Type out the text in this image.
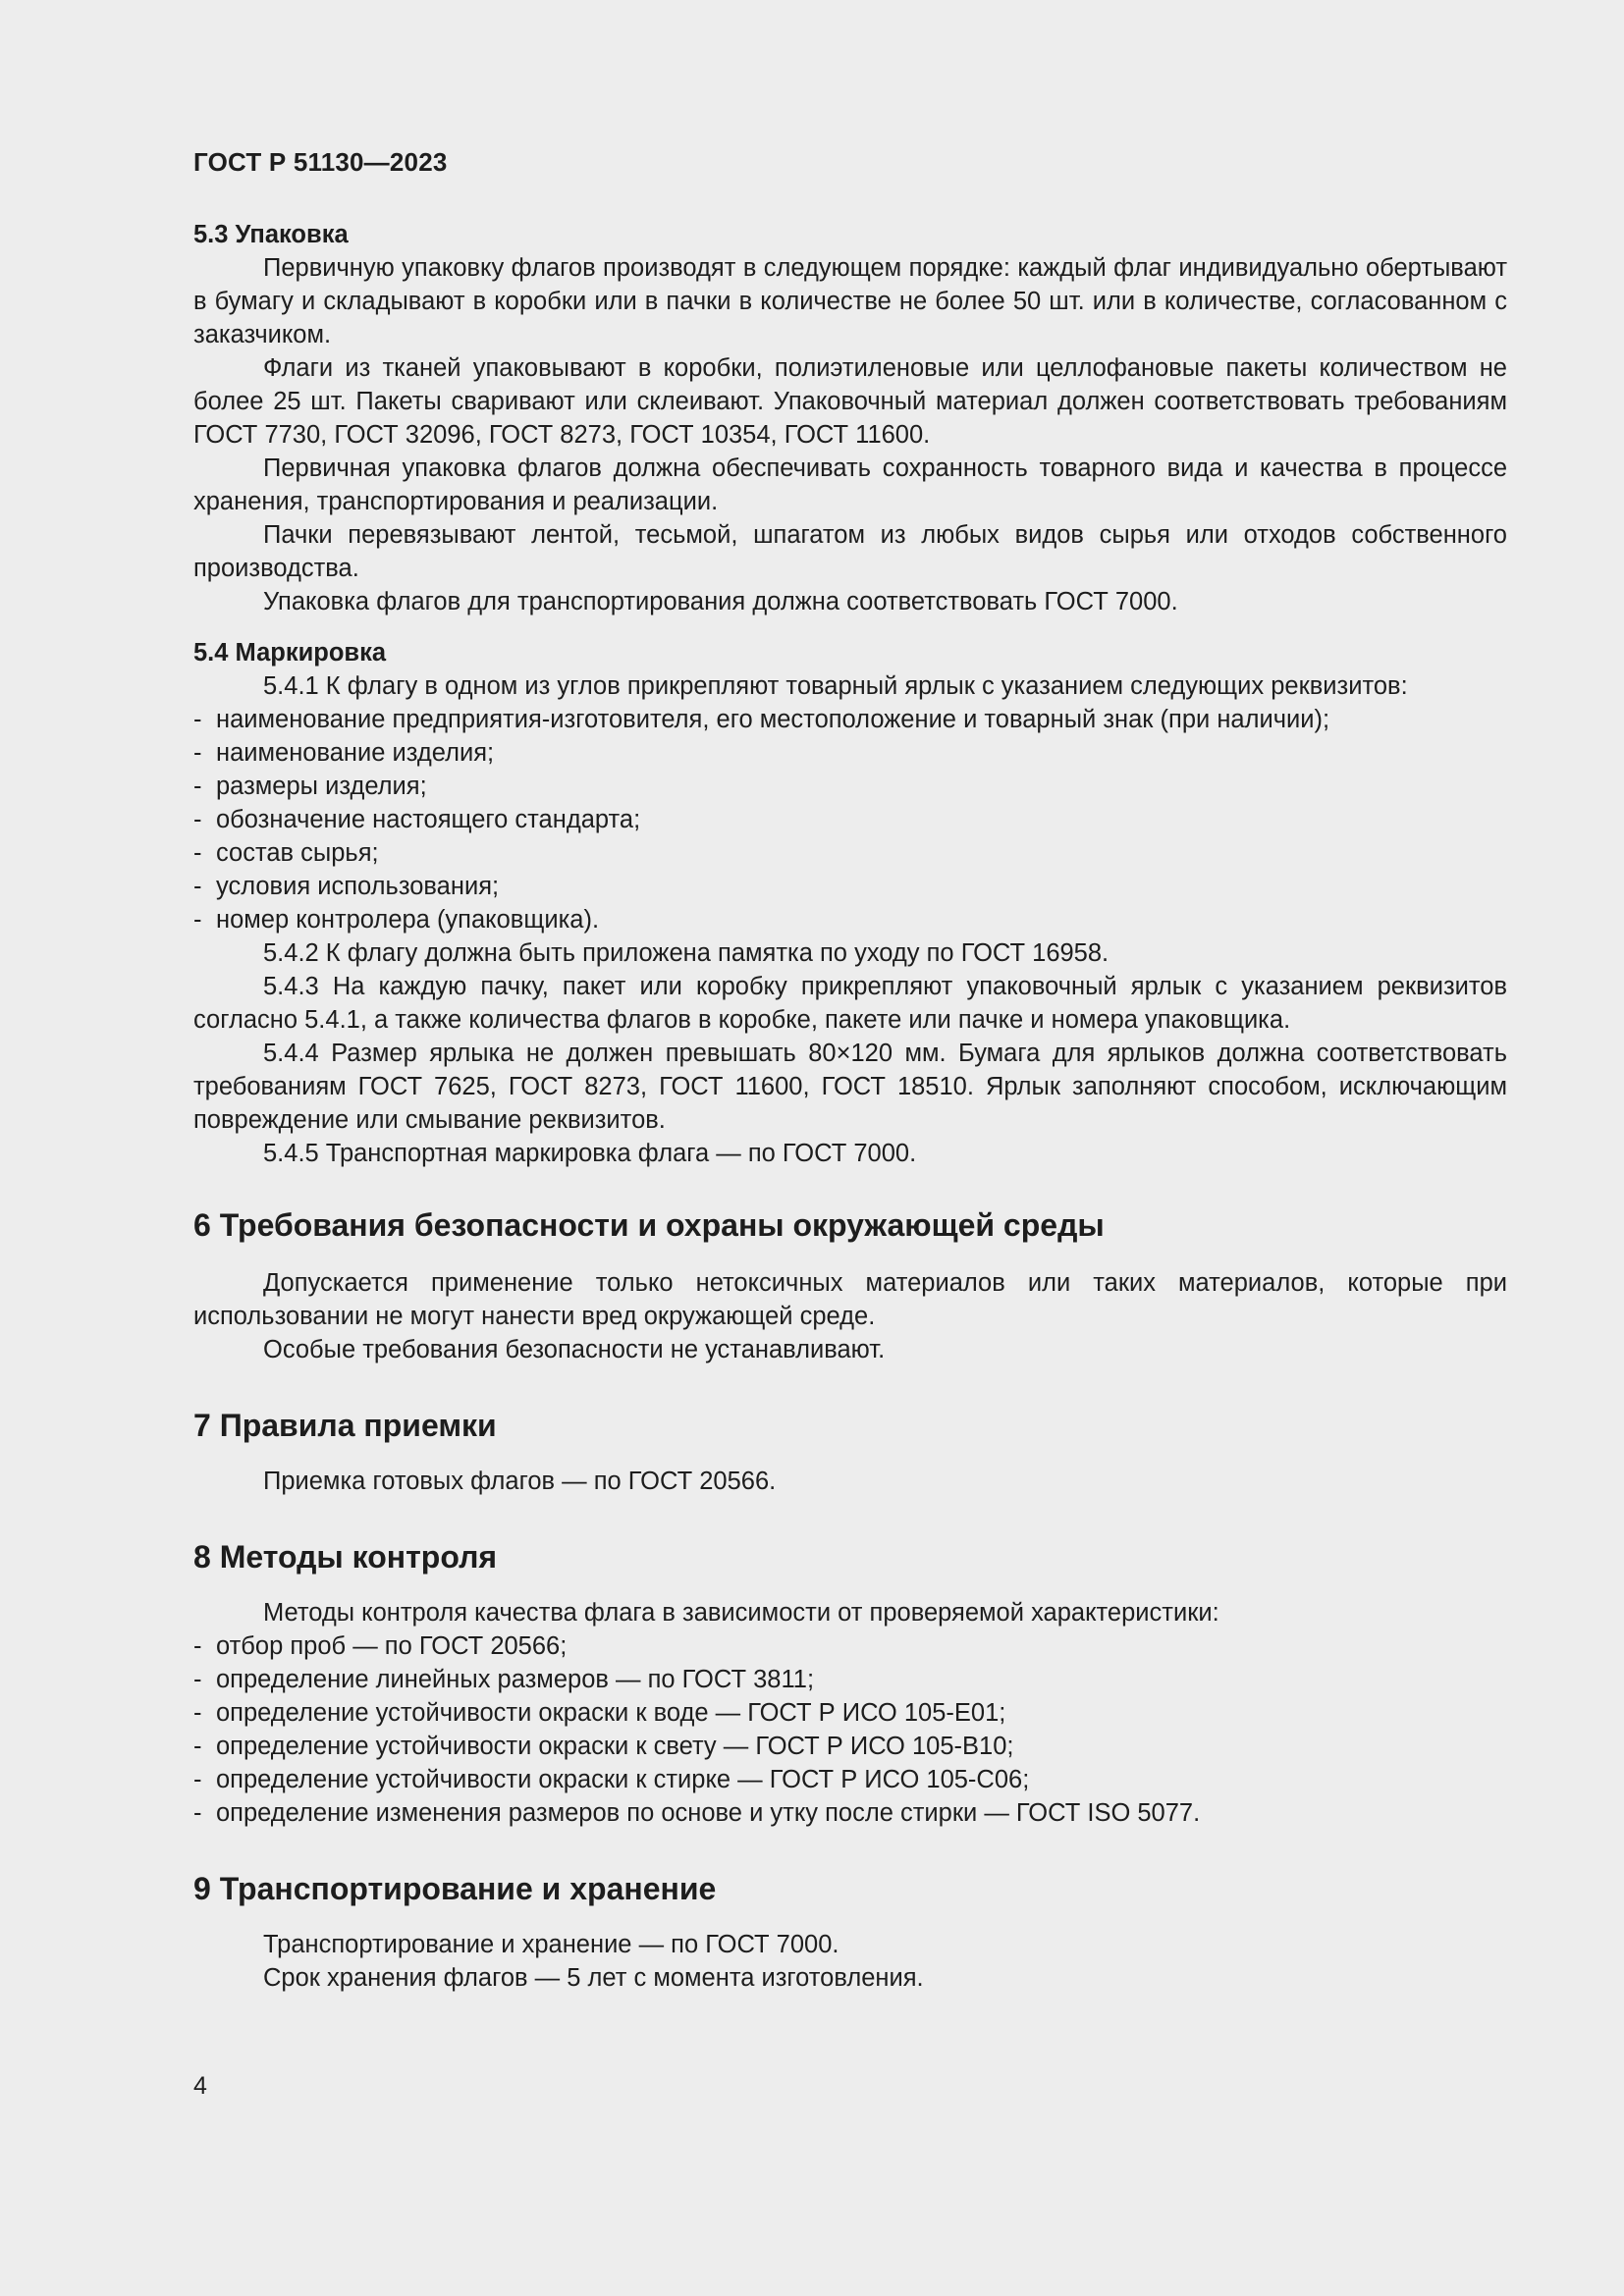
ГОСТ Р 51130—2023

5.3 Упаковка

Первичную упаковку флагов производят в следующем порядке: каждый флаг индивидуально обертывают в бумагу и складывают в коробки или в пачки в количестве не более 50 шт. или в количестве, согласованном с заказчиком.

Флаги из тканей упаковывают в коробки, полиэтиленовые или целлофановые пакеты количеством не более 25 шт. Пакеты сваривают или склеивают. Упаковочный материал должен соответствовать требованиям ГОСТ 7730, ГОСТ 32096, ГОСТ 8273, ГОСТ 10354, ГОСТ 11600.

Первичная упаковка флагов должна обеспечивать сохранность товарного вида и качества в процессе хранения, транспортирования и реализации.

Пачки перевязывают лентой, тесьмой, шпагатом из любых видов сырья или отходов собственного производства.

Упаковка флагов для транспортирования должна соответствовать ГОСТ 7000.

5.4 Маркировка

5.4.1 К флагу в одном из углов прикрепляют товарный ярлык с указанием следующих реквизитов:

- наименование предприятия-изготовителя, его местоположение и товарный знак (при наличии);

- наименование изделия;

- размеры изделия;

- обозначение настоящего стандарта;

- состав сырья;

- условия использования;

- номер контролера (упаковщика).

5.4.2 К флагу должна быть приложена памятка по уходу по ГОСТ 16958.

5.4.3 На каждую пачку, пакет или коробку прикрепляют упаковочный ярлык с указанием реквизитов согласно 5.4.1, а также количества флагов в коробке, пакете или пачке и номера упаковщика.

5.4.4 Размер ярлыка не должен превышать 80×120 мм. Бумага для ярлыков должна соответствовать требованиям ГОСТ 7625, ГОСТ 8273, ГОСТ 11600, ГОСТ 18510. Ярлык заполняют способом, исключающим повреждение или смывание реквизитов.

5.4.5 Транспортная маркировка флага — по ГОСТ 7000.

6 Требования безопасности и охраны окружающей среды

Допускается применение только нетоксичных материалов или таких материалов, которые при использовании не могут нанести вред окружающей среде.

Особые требования безопасности не устанавливают.

7 Правила приемки

Приемка готовых флагов — по ГОСТ 20566.

8 Методы контроля

Методы контроля качества флага в зависимости от проверяемой характеристики:

- отбор проб — по ГОСТ 20566;

- определение линейных размеров — по ГОСТ 3811;

- определение устойчивости окраски к воде — ГОСТ Р ИСО 105-Е01;

- определение устойчивости окраски к свету — ГОСТ Р ИСО 105-В10;

- определение устойчивости окраски к стирке — ГОСТ Р ИСО 105-С06;

- определение изменения размеров по основе и утку после стирки — ГОСТ ISO 5077.

9 Транспортирование и хранение

Транспортирование и хранение — по ГОСТ 7000.

Срок хранения флагов — 5 лет с момента изготовления.

4
